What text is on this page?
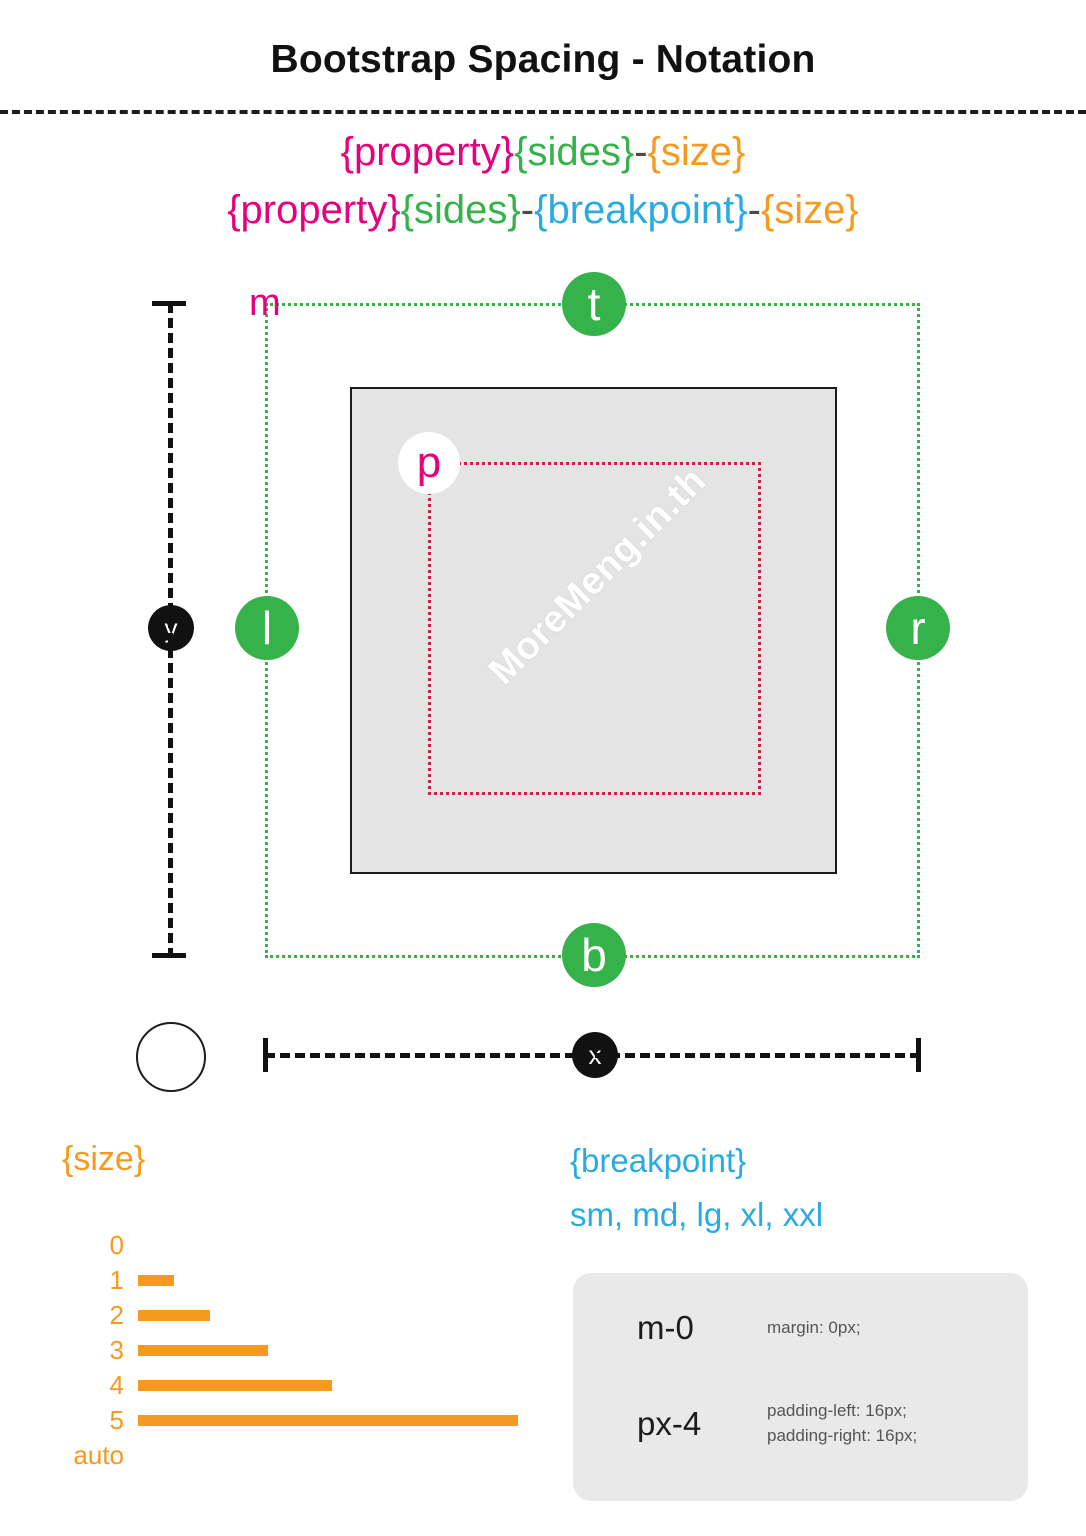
Bootstrap Spacing - Notation
{property}{sides}-{size}
{property}{sides}-{breakpoint}-{size}
MoreMeng.in.th
m	t
b
l	r
p
y
x
{size}
0
1
2
3
4
5
auto
{breakpoint}
sm, md, lg, xl, xxl
m-0	margin: 0px;
px-4	padding-left: 16px;
padding-right: 16px;
